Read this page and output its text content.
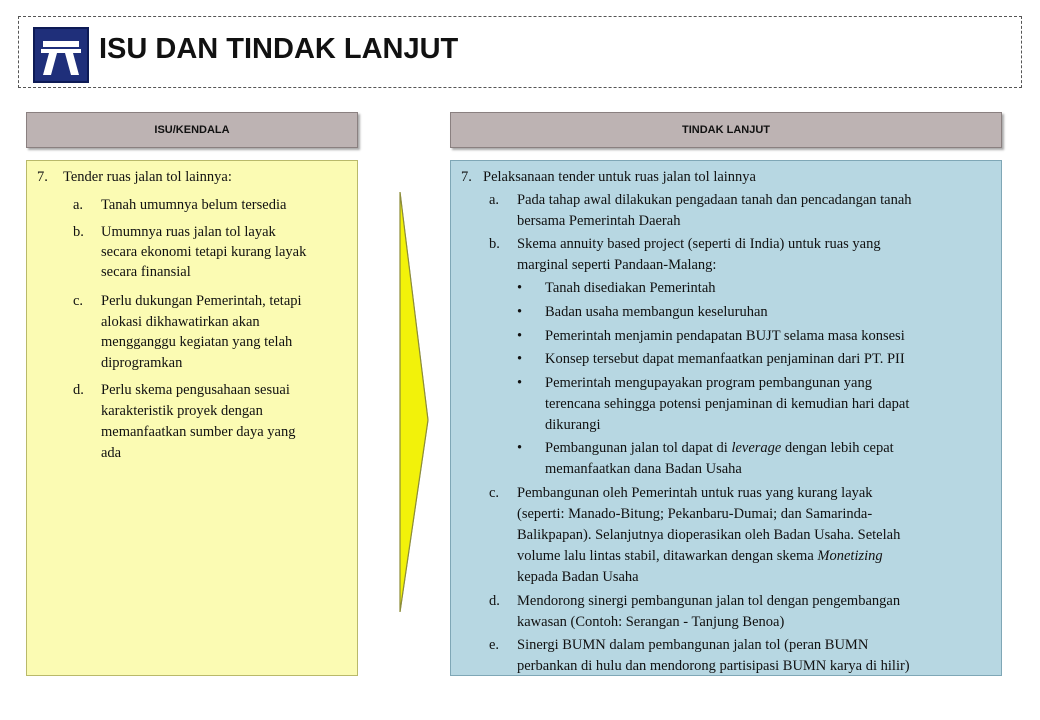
ISU DAN TINDAK LANJUT
ISU/KENDALA	TINDAK LANJUT
7. Tender ruas jalan tol lainnya:
a. Tanah umumnya belum tersedia
b. Umumnya ruas jalan tol layak
secara ekonomi tetapi kurang layak
secara finansial
c. Perlu dukungan Pemerintah, tetapi
alokasi dikhawatirkan akan
mengganggu kegiatan yang telah
diprogramkan
d. Perlu skema pengusahaan sesuai
karakteristik proyek dengan
memanfaatkan sumber daya yang
ada
7. Pelaksanaan tender untuk ruas jalan tol lainnya
a. Pada tahap awal dilakukan pengadaan tanah dan pencadangan tanah
bersama Pemerintah Daerah
b. Skema annuity based project (seperti di India) untuk ruas yang
marginal seperti Pandaan-Malang:
• Tanah disediakan Pemerintah
• Badan usaha membangun keseluruhan
• Pemerintah menjamin pendapatan BUJT selama masa konsesi
• Konsep tersebut dapat memanfaatkan penjaminan dari PT. PII
• Pemerintah mengupayakan program pembangunan yang
terencana sehingga potensi penjaminan di kemudian hari dapat
dikurangi
• Pembangunan jalan tol dapat di leverage dengan lebih cepat
memanfaatkan dana Badan Usaha
c. Pembangunan oleh Pemerintah untuk ruas yang kurang layak
(seperti: Manado-Bitung; Pekanbaru-Dumai; dan Samarinda-
Balikpapan). Selanjutnya dioperasikan oleh Badan Usaha. Setelah
volume lalu lintas stabil, ditawarkan dengan skema Monetizing
kepada Badan Usaha
d. Mendorong sinergi pembangunan jalan tol dengan pengembangan
kawasan (Contoh: Serangan - Tanjung Benoa)
e. Sinergi BUMN dalam pembangunan jalan tol (peran BUMN
perbankan di hulu dan mendorong partisipasi BUMN karya di hilir)
